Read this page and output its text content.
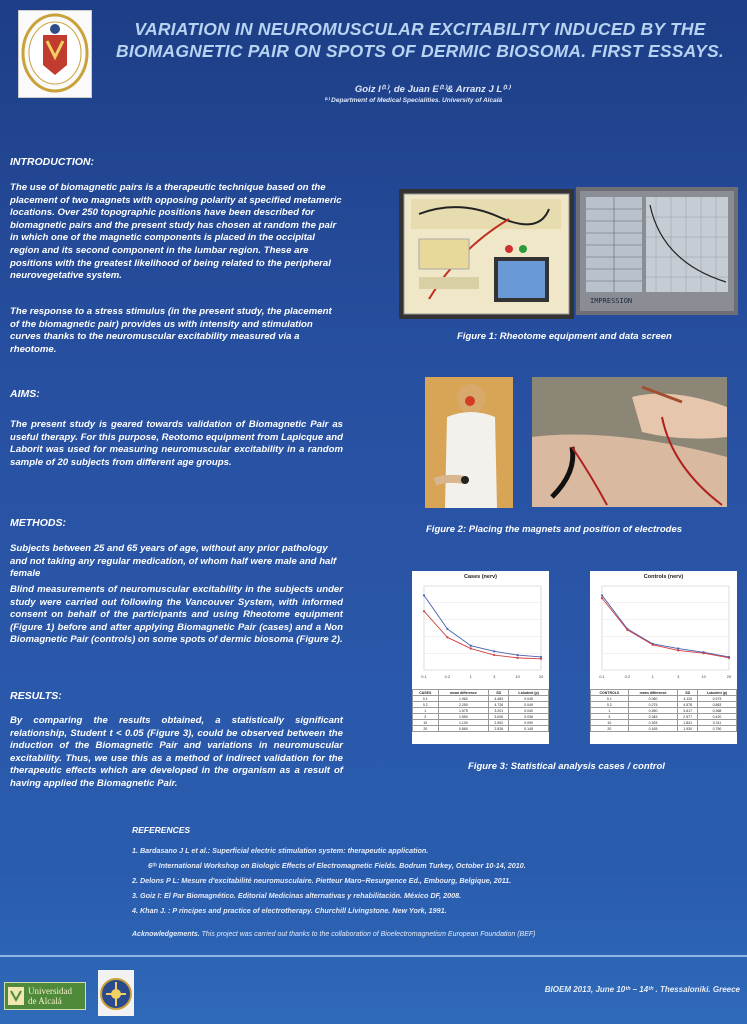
VARIATION IN NEUROMUSCULAR EXCITABILITY INDUCED BY THE
BIOMAGNETIC PAIR ON SPOTS OF DERMIC BIOSOMA. FIRST ESSAYS.
Goiz I⁽¹⁾, de Juan E⁽¹⁾& Arranz J L⁽¹⁾
⁽¹⁾ Department of Medical Specialities. University of Alcalá
INTRODUCTION:

The use of biomagnetic pairs is a therapeutic technique based on the placement of two magnets with opposing polarity at specified metameric locations. Over 250 topographic positions have been described for biomagnetic pairs and the present study has chosen at random the pair in which one of the magnetic components is placed in the occipital region and its second component in the lumbar region. These are positions with the greatest likelihood of being related to the peripheral neurovegetative system.

The response to a stress stimulus (in the present study, the placement of the biomagnetic pair) provides us with intensity and stimulation curves thanks to the neuromuscular excitability measured via a rheotome.

AIMS:

The present study is geared towards validation of Biomagnetic Pair as useful therapy. For this purpose, Reotomo equipment from Lapicque and Laborit was used for measuring neuromuscular excitability in a random sample of 20 subjects from different age groups.

METHODS:

Subjects between 25 and 65 years of age, without any prior pathology and not taking any regular medication, of whom half were male and half female

Blind measurements of neuromuscular excitability in the subjects under study were carried out following the Vancouver System, with informed consent on behalf of the participants and using Rheotome equipment (Figure 1) before and after applying Biomagnetic Pair (cases) and a Non Biomagnetic Pair (controls) on some spots of dermic biosoma (Figure 2).

RESULTS:

By comparing the results obtained, a statistically significant relationship, Student t < 0.05 (Figure 3), could be observed between the induction of the Biomagnetic Pair and variations in neuromuscular excitability. Thus, we use this as a method of indirect validation for the therapeutic effects which are developed in the organism as a result of having applied the Biomagnetic Pair.

IMPRESSION
Figure 1: Rheotome equipment and data screen
Figure 2: Placing the magnets and position of electrodes
Cases (nerv)
0.1	0.2	1	3	10	20
CASES	mean difference	SD	t-student (p)
0.1	1.962	4.483	0.045
0.2	2.250	4.726	0.049
1	1.575	3.201	0.040
3	1.550	3.005	0.036
10	1.100	2.902	0.090
20	0.860	2.526	0.145
Controls (nerv)
0.1	0.2	1	3	10	20
CONTROLS	mean difference	SD	t-student (p)
0.1	0.060	4.115	0.973
0.2	0.275	4.578	0.863
1	0.450	3.617	0.368
3	0.345	2.577	0.420
10	0.325	1.841	0.311
20	0.165	1.930	0.750
Figure 3: Statistical analysis cases / control
REFERENCES

1. Bardasano J L et al.: Superficial electric stimulation system: therapeutic application.

6ᵗʰ International Workshop on Biologic Effects of Electromagnetic Fields. Bodrum Turkey, October 10-14, 2010.

2. Delons P L: Mesure d'excitabilité neuromusculaire. Pietteur Maro–Resurgence Ed., Embourg, Belgique, 2011.

3. Goiz I: El Par Biomagnético. Editorial Medicinas alternativas y rehabilitación. México DF, 2008.

4. Khan J. : P rincipes and practice of electrotherapy. Churchill Livingstone. New York, 1991.

Acknowledgements. This project was carried out thanks to the collaboration of Bioelectromagnetism European Foundation (BEF)
Universidad
de Alcalá
BIOEM 2013, June 10ᵗʰ – 14ᵗʰ . Thessaloniki. Greece
